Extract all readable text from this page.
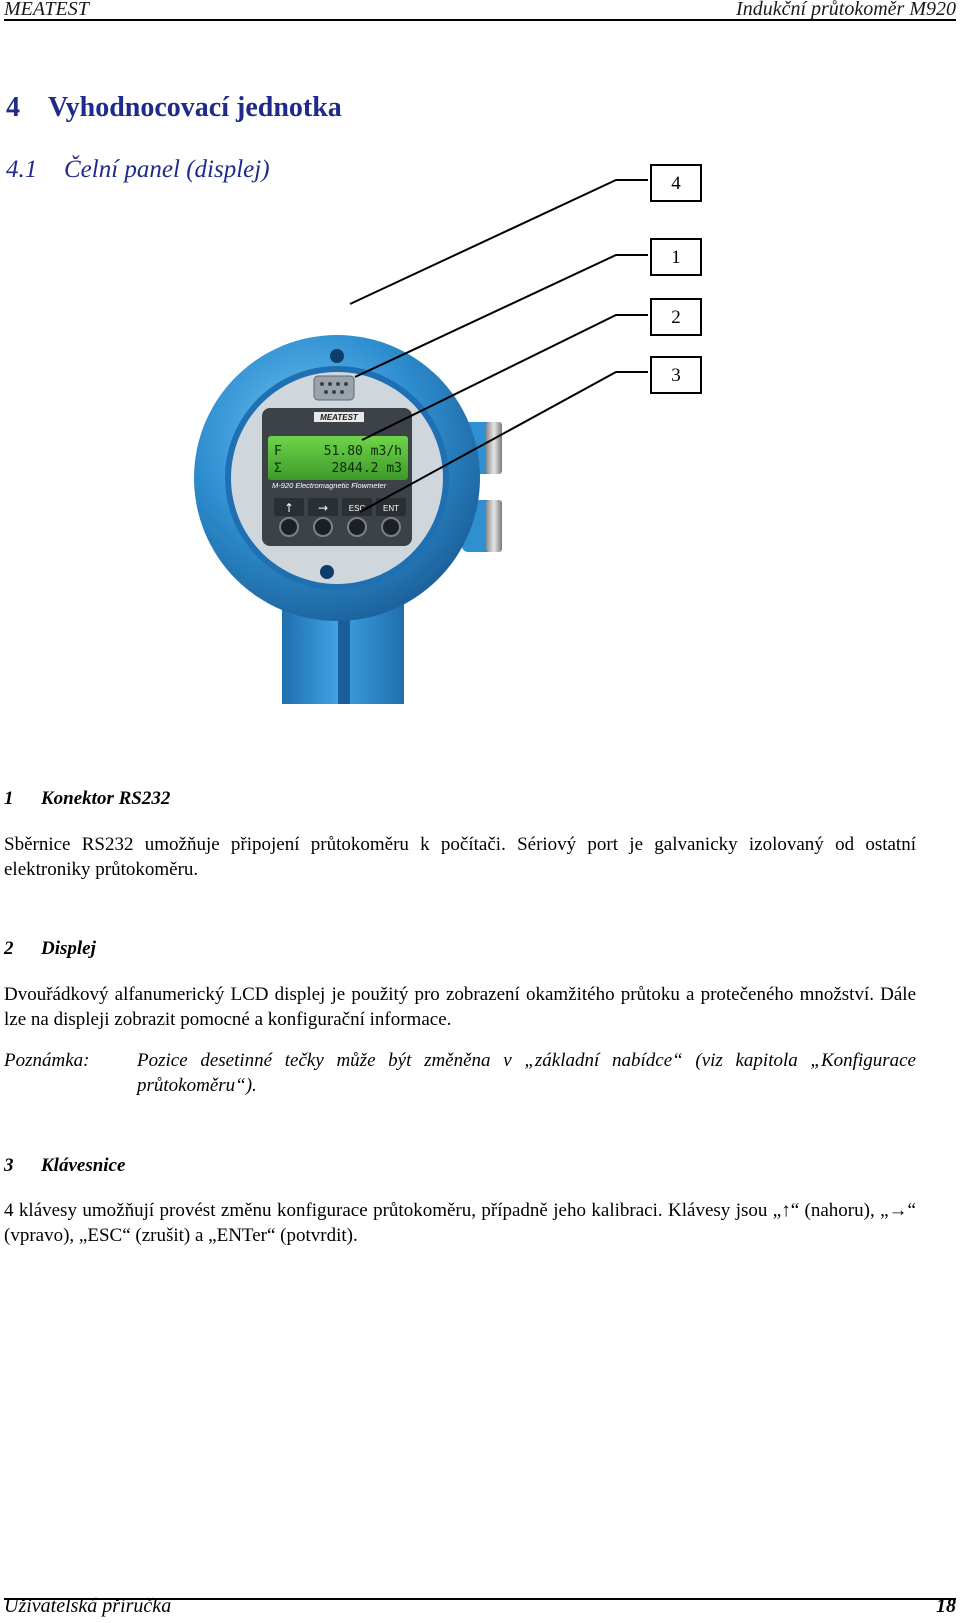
MEATEST	Indukční průtokoměr M920
4 Vyhodnocovací jednotka
4.1 Čelní panel (displej)
MEATEST
F	51.80 m3/h
Σ	2844.2 m3
M-920 Electromagnetic Flowmeter
↑ →	ESC ENT
4
1
2
3
1 Konektor RS232
Sběrnice RS232 umožňuje připojení průtokoměru k počítači. Sériový port je galvanicky izolovaný od ostatní elektroniky průtokoměru.
2 Displej
Dvouřádkový alfanumerický LCD displej je použitý pro zobrazení okamžitého průtoku a protečeného množství. Dále lze na displeji zobrazit pomocné a konfigurační informace.
Poznámka:	Pozice desetinné tečky může být změněna v „základní nabídce“ (viz kapitola „Konfigurace průtokoměru“).
3 Klávesnice
4 klávesy umožňují provést změnu konfigurace průtokoměru, případně jeho kalibraci. Klávesy jsou „↑“ (nahoru), „→“ (vpravo), „ESC“ (zrušit) a „ENTer“ (potvrdit).
Uživatelská příručka	18
